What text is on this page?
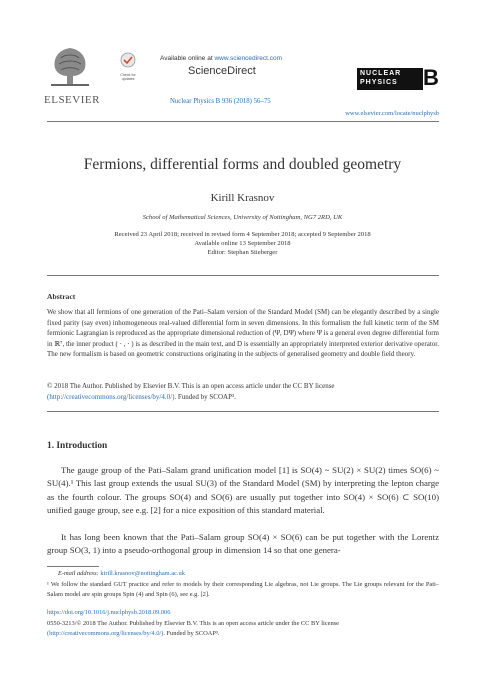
ELSEVIER
Check for updates
Available online at www.sciencedirect.com
ScienceDirect
Nuclear Physics B 936 (2018) 56–75
NUCLEAR
PHYSICS B
www.elsevier.com/locate/nuclphysb
Fermions, differential forms and doubled geometry
Kirill Krasnov
School of Mathematical Sciences, University of Nottingham, NG7 2RD, UK
Received 23 April 2018; received in revised form 4 September 2018; accepted 9 September 2018
Available online 13 September 2018
Editor: Stephan Stieberger
Abstract

We show that all fermions of one generation of the Pati–Salam version of the Standard Model (SM) can be elegantly described by a single fixed parity (say even) inhomogeneous real-valued differential form in seven dimensions. In this formalism the full kinetic term of the SM fermionic Lagrangian is reproduced as the appropriate dimensional reduction of (Ψ, DΨ) where Ψ is a general even degree differential form in ℝ⁷, the inner product ( · , · ) is as described in the main text, and D is essentially an appropriately interpreted exterior derivative operator. The new formalism is based on geometric constructions originating in the subjects of generalised geometry and double field theory.

© 2018 The Author. Published by Elsevier B.V. This is an open access article under the CC BY license
(http://creativecommons.org/licenses/by/4.0/). Funded by SCOAP³.
1. Introduction

The gauge group of the Pati–Salam grand unification model [1] is SO(4) ~ SU(2) × SU(2) times SO(6) ~ SU(4).¹ This last group extends the usual SU(3) of the Standard Model (SM) by interpreting the lepton charge as the fourth colour. The groups SO(4) and SO(6) are usually put together into SO(4) × SO(6) ⊂ SO(10) unified gauge group, see e.g. [2] for a nice exposition of this standard material.

It has long been known that the Pati–Salam group SO(4) × SO(6) can be put together with the Lorentz group SO(3, 1) into a pseudo-orthogonal group in dimension 14 so that one genera-

E-mail address: kirill.krasnov@nottingham.ac.uk

¹ We follow the standard GUT practice and refer to models by their corresponding Lie algebras, not Lie groups. The Lie groups relevant for the Pati–Salam model are spin groups Spin (4) and Spin (6), see e.g. [2].

https://doi.org/10.1016/j.nuclphysb.2018.09.006
0550-3213/© 2018 The Author. Published by Elsevier B.V. This is an open access article under the CC BY license
(http://creativecommons.org/licenses/by/4.0/). Funded by SCOAP³.
